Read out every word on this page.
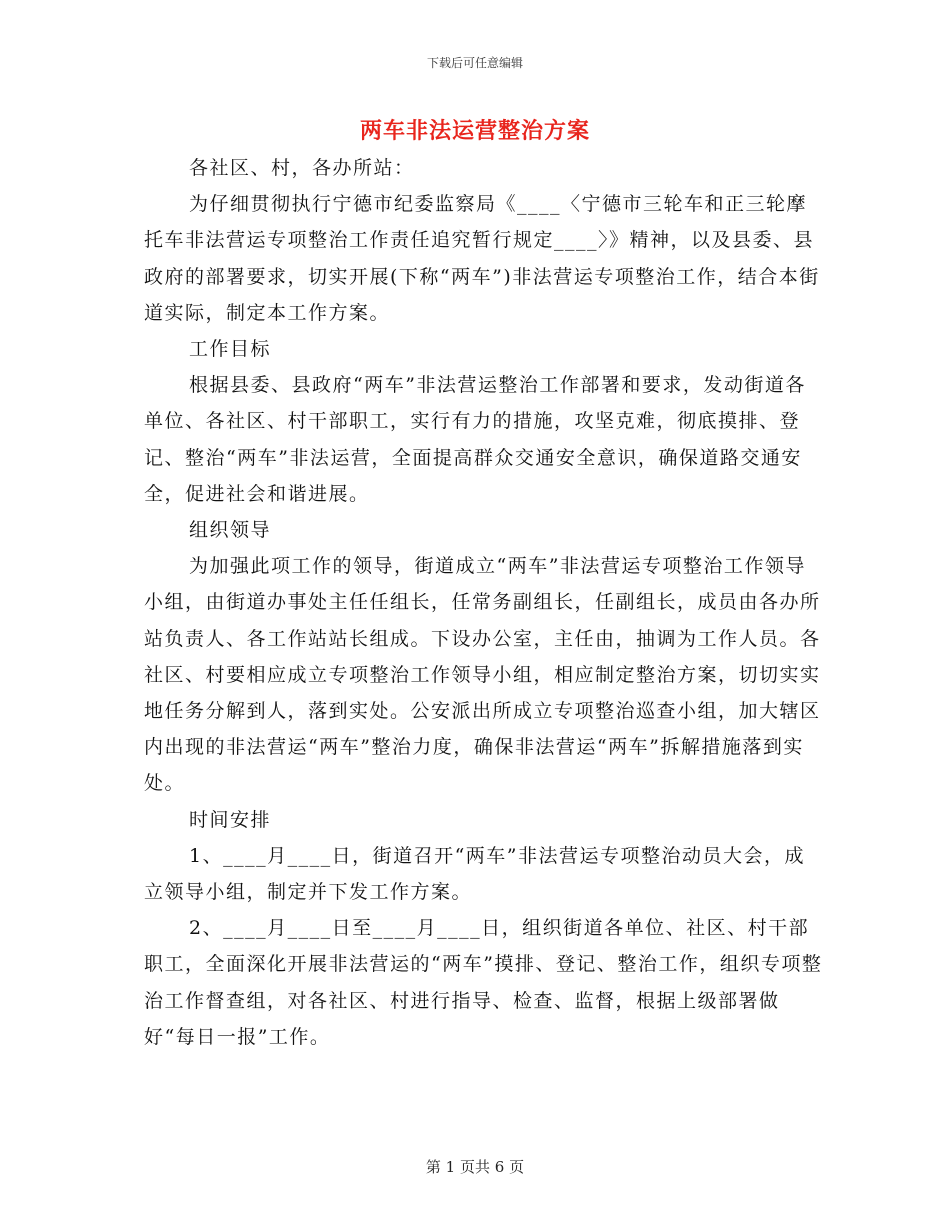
下载后可任意编辑
两车非法运营整治方案

各社区、村，各办所站：

为仔细贯彻执行宁德市纪委监察局《____〈宁德市三轮车和正三轮摩托车非法营运专项整治工作责任追究暂行规定____〉》精神，以及县委、县政府的部署要求，切实开展(下称“两车”)非法营运专项整治工作，结合本街道实际，制定本工作方案。

工作目标

根据县委、县政府“两车”非法营运整治工作部署和要求，发动街道各单位、各社区、村干部职工，实行有力的措施，攻坚克难，彻底摸排、登记、整治“两车”非法运营，全面提高群众交通安全意识，确保道路交通安全，促进社会和谐进展。

组织领导

为加强此项工作的领导，街道成立“两车”非法营运专项整治工作领导小组，由街道办事处主任任组长，任常务副组长，任副组长，成员由各办所站负责人、各工作站站长组成。下设办公室，主任由，抽调为工作人员。各社区、村要相应成立专项整治工作领导小组，相应制定整治方案，切切实实地任务分解到人，落到实处。公安派出所成立专项整治巡查小组，加大辖区内出现的非法营运“两车”整治力度，确保非法营运“两车”拆解措施落到实处。

时间安排

1、____月____日，街道召开“两车”非法营运专项整治动员大会，成立领导小组，制定并下发工作方案。

2、____月____日至____月____日，组织街道各单位、社区、村干部职工，全面深化开展非法营运的“两车”摸排、登记、整治工作，组织专项整治工作督查组，对各社区、村进行指导、检查、监督，根据上级部署做好“每日一报”工作。

第 1 页共 6 页
